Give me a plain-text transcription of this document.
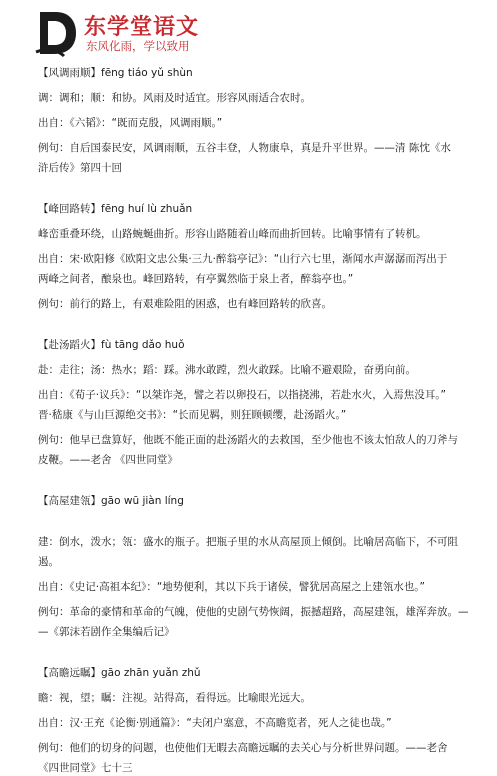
东学堂语文
东风化雨，学以致用
【风调雨顺】fēng tiáo yǔ shùn
调：调和；顺：和协。风雨及时适宜。形容风雨适合农时。
出自：《六韬》：“既而克殷，风调雨顺。”
例句：自后国泰民安，风调雨顺，五谷丰登，人物康阜，真是升平世界。——清 陈忱《水
浒后传》第四十回
【峰回路转】fēng huí lù zhuǎn
峰峦重叠环绕，山路蜿蜒曲折。形容山路随着山峰而曲折回转。比喻事情有了转机。
出自：宋·欧阳修《欧阳文忠公集·三九·醉翁亭记》：“山行六七里，渐闻水声潺潺而泻出于
两峰之间者，酿泉也。峰回路转，有亭翼然临于泉上者，醉翁亭也。”
例句：前行的路上，有艰难险阻的困惑，也有峰回路转的欣喜。
【赴汤蹈火】fù tāng dǎo huǒ
赴：走往；汤：热水；蹈：踩。沸水敢蹚，烈火敢踩。比喻不避艰险，奋勇向前。
出自：《荀子·议兵》：“以桀诈尧，譬之若以卵投石，以指挠沸，若赴水火，入焉焦没耳。”
晋·嵇康《与山巨源绝交书》：“长而见羁，则狂顾顿缨，赴汤蹈火。”
例句：他早已盘算好，他既不能正面的赴汤蹈火的去救国，至少他也不该太怕敌人的刀斧与
皮鞭。——老舍 《四世同堂》
【高屋建瓴】gāo wū jiàn líng
建：倒水，泼水；瓴：盛水的瓶子。把瓶子里的水从高屋顶上倾倒。比喻居高临下，不可阻
遏。
出自：《史记·高祖本纪》：“地势便利，其以下兵于诸侯，譬犹居高屋之上建瓴水也。”
例句：革命的豪情和革命的气魄，使他的史剧气势恢阔，振撼超路，高屋建瓴，雄浑奔放。—
—《郭沫若剧作全集编后记》
【高瞻远瞩】gāo zhān yuǎn zhǔ
瞻：视，望；瞩：注视。站得高，看得远。比喻眼光远大。
出自：汉·王充《论衡·别通篇》：“夫闭户塞意，不高瞻览者，死人之徒也哉。”
例句：他们的切身的问题，也使他们无暇去高瞻远瞩的去关心与分析世界问题。——老舍
《四世同堂》七十三
